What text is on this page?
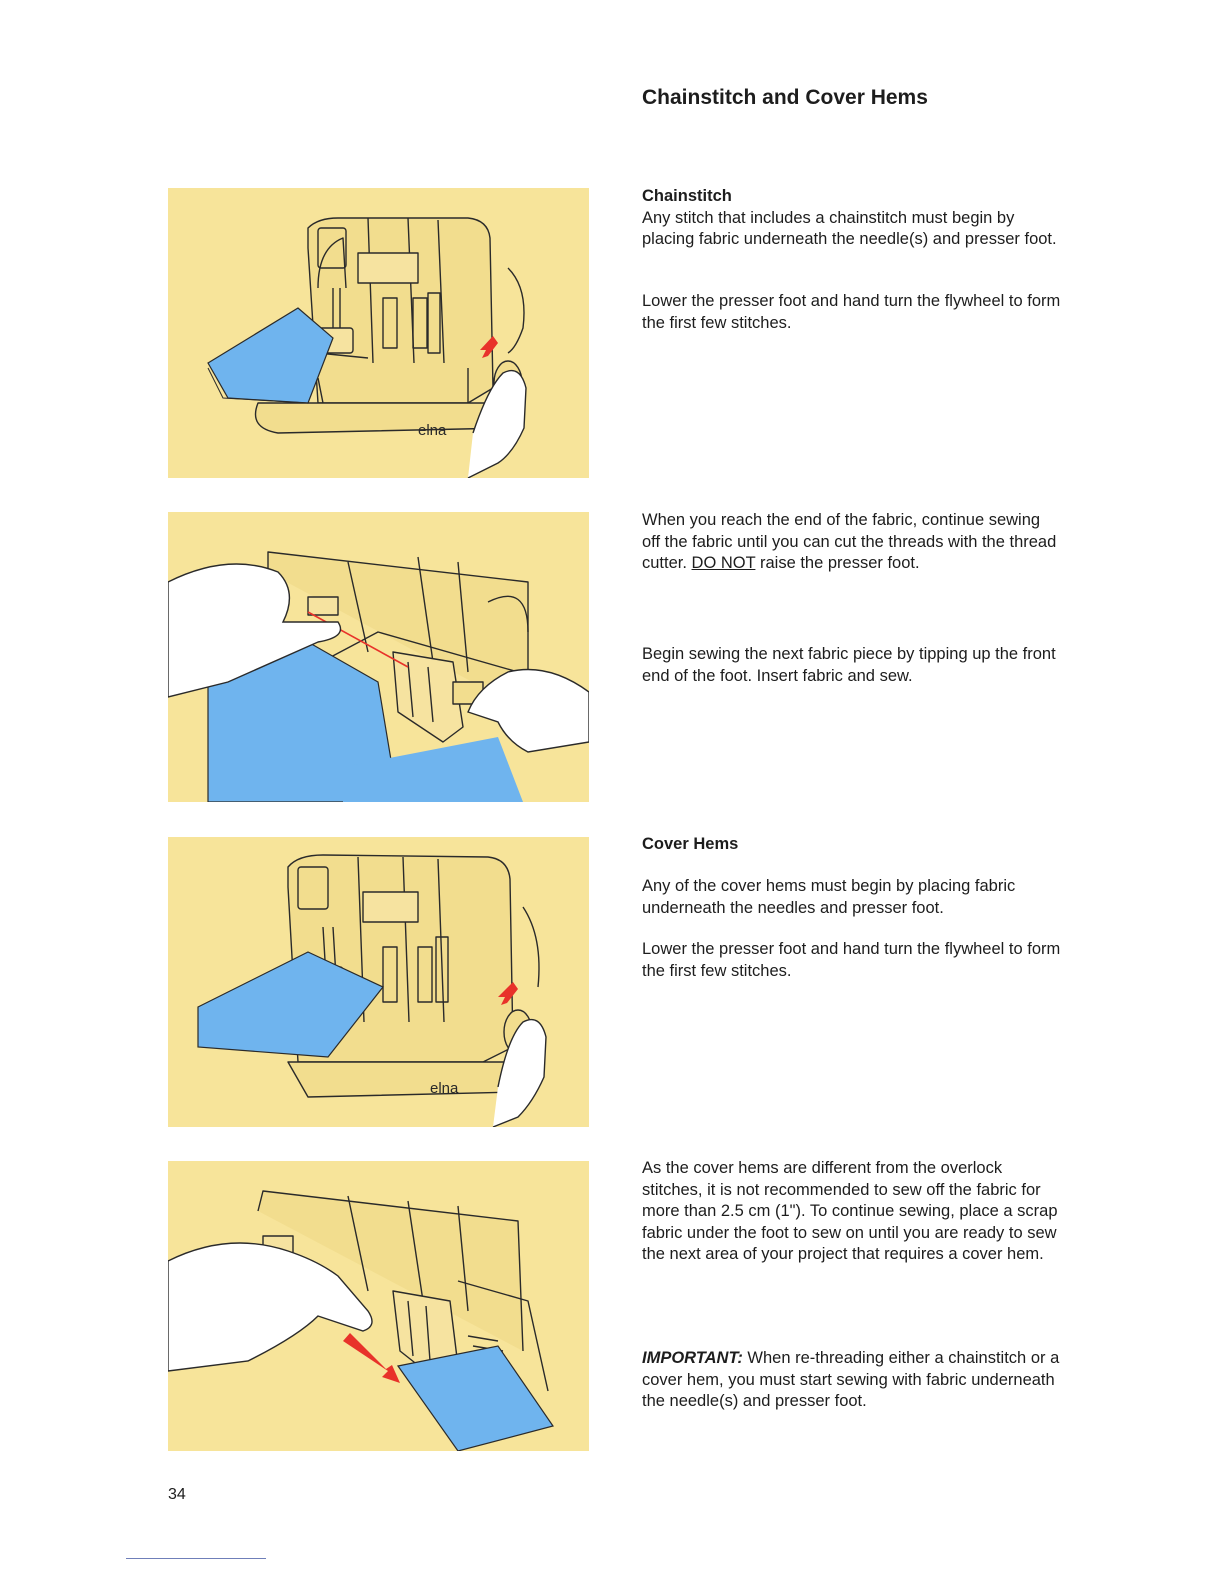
Chainstitch and Cover Hems
elna
elna

Chainstitch

Any stitch that includes a chainstitch must begin by placing fabric underneath the needle(s) and presser foot.

Lower the presser foot and hand turn the flywheel to form the first few stitches.

When you reach the end of the fabric, continue sewing off the fabric until you can cut the threads with the thread cutter. DO NOT raise the presser foot.

Begin sewing the next fabric piece by tipping up the front end of the foot. Insert fabric and sew.

Cover Hems

Any of the cover hems must begin by placing fabric underneath the needles and presser foot.

Lower the presser foot and hand turn the flywheel to form the first few stitches.

As the cover hems are different from the overlock stitches, it is not recommended to sew off the fabric for more than 2.5 cm (1"). To continue sewing, place a scrap fabric under the foot to sew on until you are ready to sew the next area of your project that requires a cover hem.

IMPORTANT: When re-threading either a chainstitch or a cover hem, you must start sewing with fabric underneath the needle(s) and presser foot.

34
